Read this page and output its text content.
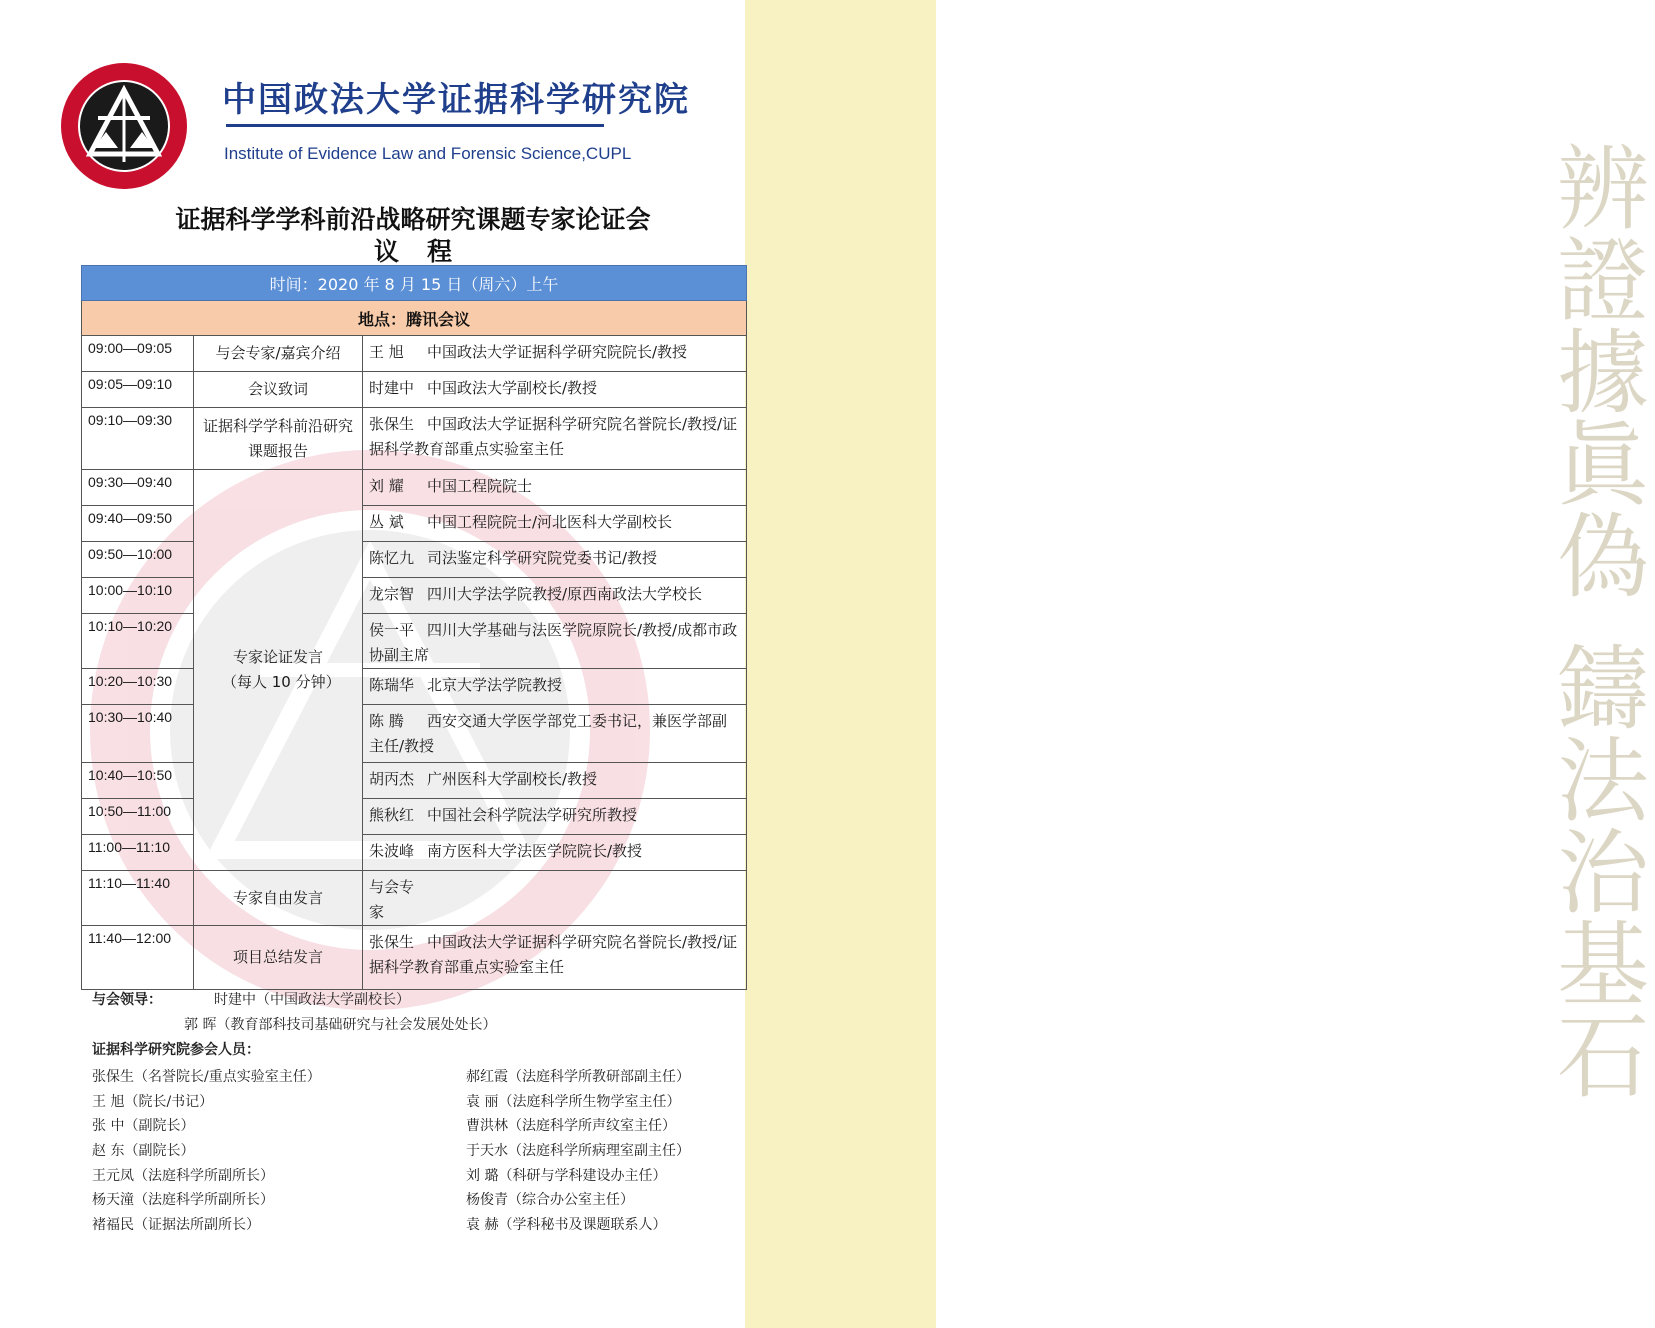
辨證據眞偽
鑄法治基石
中国政法大学证据科学研究院
Institute of Evidence Law and Forensic Science,CUPL
证据科学学科前沿战略研究课题专家论证会
议程
时间：2020 年 8 月 15 日（周六）上午		
地点：腾讯会议		
09:00—09:05	与会专家/嘉宾介绍	王 旭 中国政法大学证据科学研究院院长/教授
09:05—09:10	会议致词	时建中 中国政法大学副校长/教授
09:10—09:30	证据科学学科前沿研究课题报告	张保生 中国政法大学证据科学研究院名誉院长/教授/证据科学教育部重点实验室主任
09:30—09:40	专家论证发言（每人 10 分钟）	刘 耀 中国工程院院士
09:40—09:50		丛 斌 中国工程院院士/河北医科大学副校长
09:50—10:00		陈忆九 司法鉴定科学研究院党委书记/教授
10:00—10:10		龙宗智 四川大学法学院教授/原西南政法大学校长
10:10—10:20		侯一平 四川大学基础与法医学院原院长/教授/成都市政协副主席
10:20—10:30		陈瑞华 北京大学法学院教授
10:30—10:40		陈 腾 西安交通大学医学部党工委书记，兼医学部副主任/教授
10:40—10:50		胡丙杰 广州医科大学副校长/教授
10:50—11:00		熊秋红 中国社会科学院法学研究所教授
11:00—11:10		朱波峰 南方医科大学法医学院院长/教授
11:10—11:40	专家自由发言	与会专家
11:40—12:00	项目总结发言	张保生 中国政法大学证据科学研究院名誉院长/教授/证据科学教育部重点实验室主任
与会领导：	时建中（中国政法大学副校长）
郭 晖（教育部科技司基础研究与社会发展处处长）
证据科学研究院参会人员：
张保生（名誉院长/重点实验室主任）
王 旭（院长/书记）
张 中（副院长）
赵 东（副院长）
王元凤（法庭科学所副所长）
杨天潼（法庭科学所副所长）
褚福民（证据法所副所长）
郝红霞（法庭科学所教研部副主任）
袁 丽（法庭科学所生物学室主任）
曹洪林（法庭科学所声纹室主任）
于天水（法庭科学所病理室副主任）
刘 璐（科研与学科建设办主任）
杨俊青（综合办公室主任）
袁 赫（学科秘书及课题联系人）
